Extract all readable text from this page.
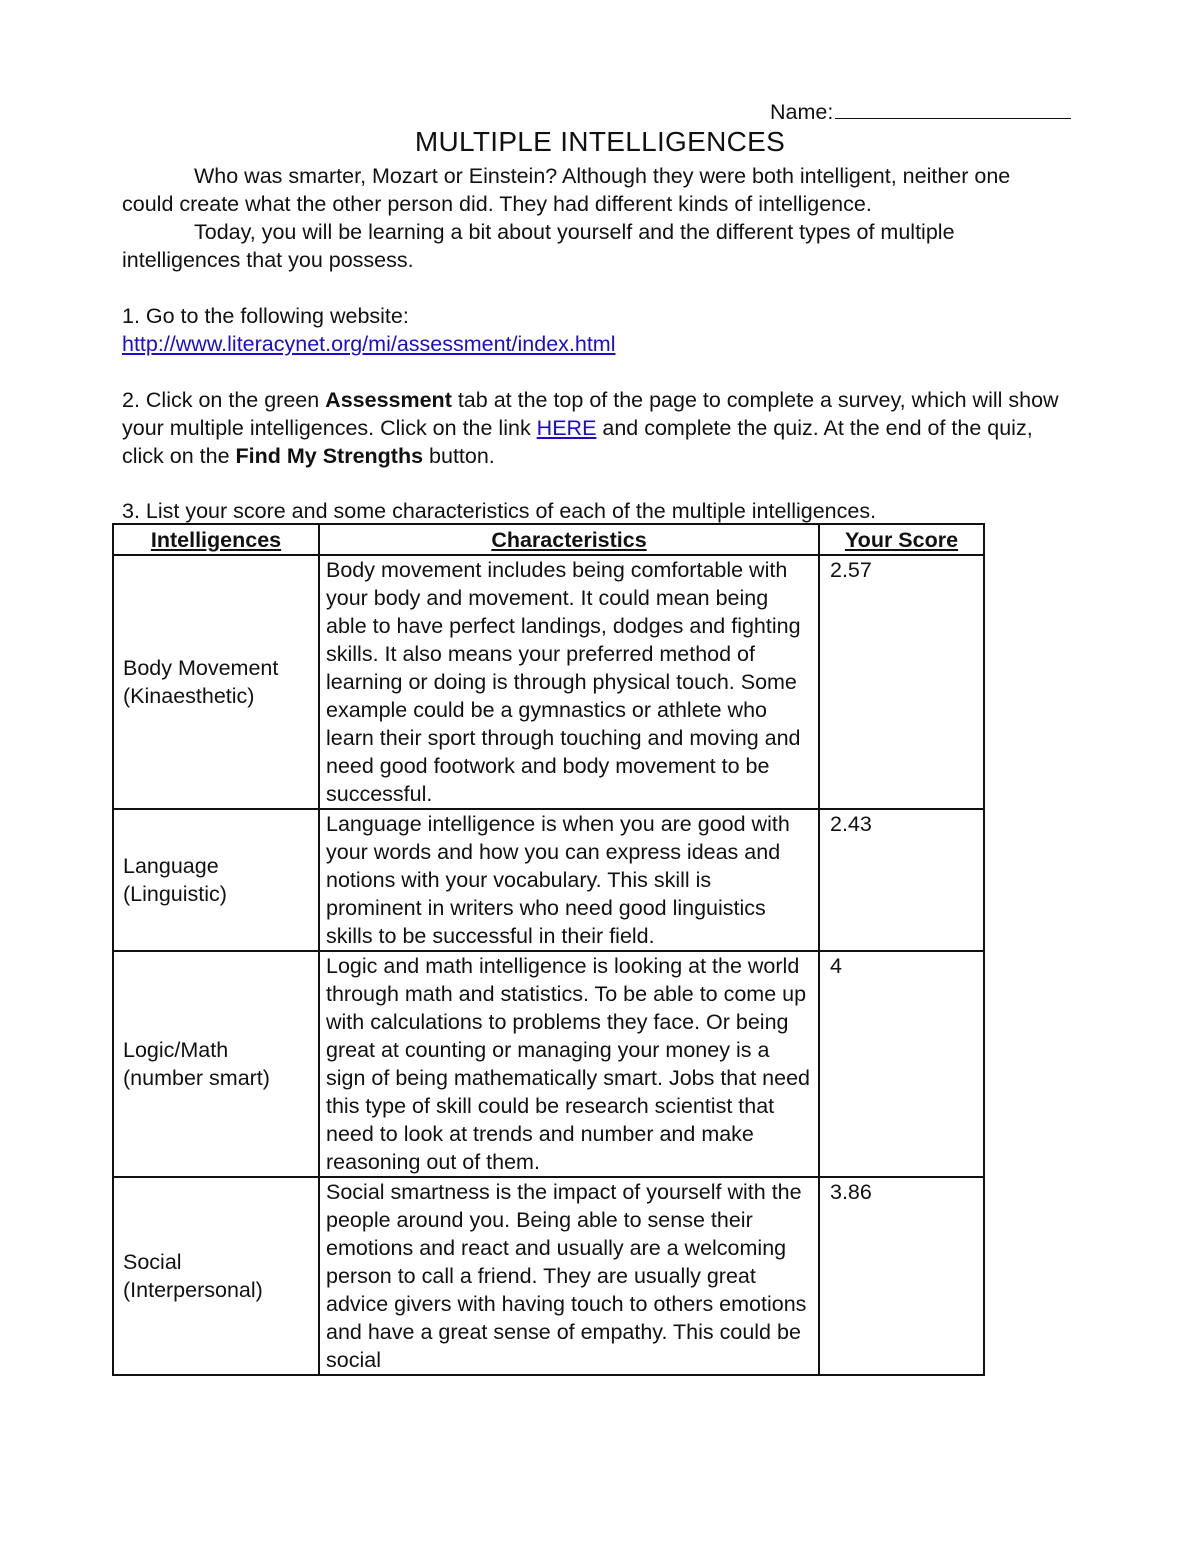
Name:
MULTIPLE INTELLIGENCES

Who was smarter, Mozart or Einstein? Although they were both intelligent, neither one could create what the other person did. They had different kinds of intelligence.

Today, you will be learning a bit about yourself and the different types of multiple intelligences that you possess.

1. Go to the following website:

http://www.literacynet.org/mi/assessment/index.html

2. Click on the green Assessment tab at the top of the page to complete a survey, which will show your multiple intelligences. Click on the link HERE and complete the quiz. At the end of the quiz, click on the Find My Strengths button.

3. List your score and some characteristics of each of the multiple intelligences.
Intelligences	Characteristics	Your Score

Body Movement
(Kinaesthetic)	Body movement includes being comfortable with your body and movement. It could mean being able to have perfect landings, dodges and fighting skills. It also means your preferred method of learning or doing is through physical touch. Some example could be a gymnastics or athlete who learn their sport through touching and moving and need good footwork and body movement to be successful.	2.57

Language
(Linguistic)	Language intelligence is when you are good with your words and how you can express ideas and notions with your vocabulary. This skill is prominent in writers who need good linguistics skills to be successful in their field.	2.43

Logic/Math
(number smart)	Logic and math intelligence is looking at the world through math and statistics. To be able to come up with calculations to problems they face. Or being great at counting or managing your money is a sign of being mathematically smart. Jobs that need this type of skill could be research scientist that need to look at trends and number and make reasoning out of them.	4

Social
(Interpersonal)	Social smartness is the impact of yourself with the people around you. Being able to sense their emotions and react and usually are a welcoming person to call a friend. They are usually great advice givers with having touch to others emotions and have a great sense of empathy. This could be social	3.86
